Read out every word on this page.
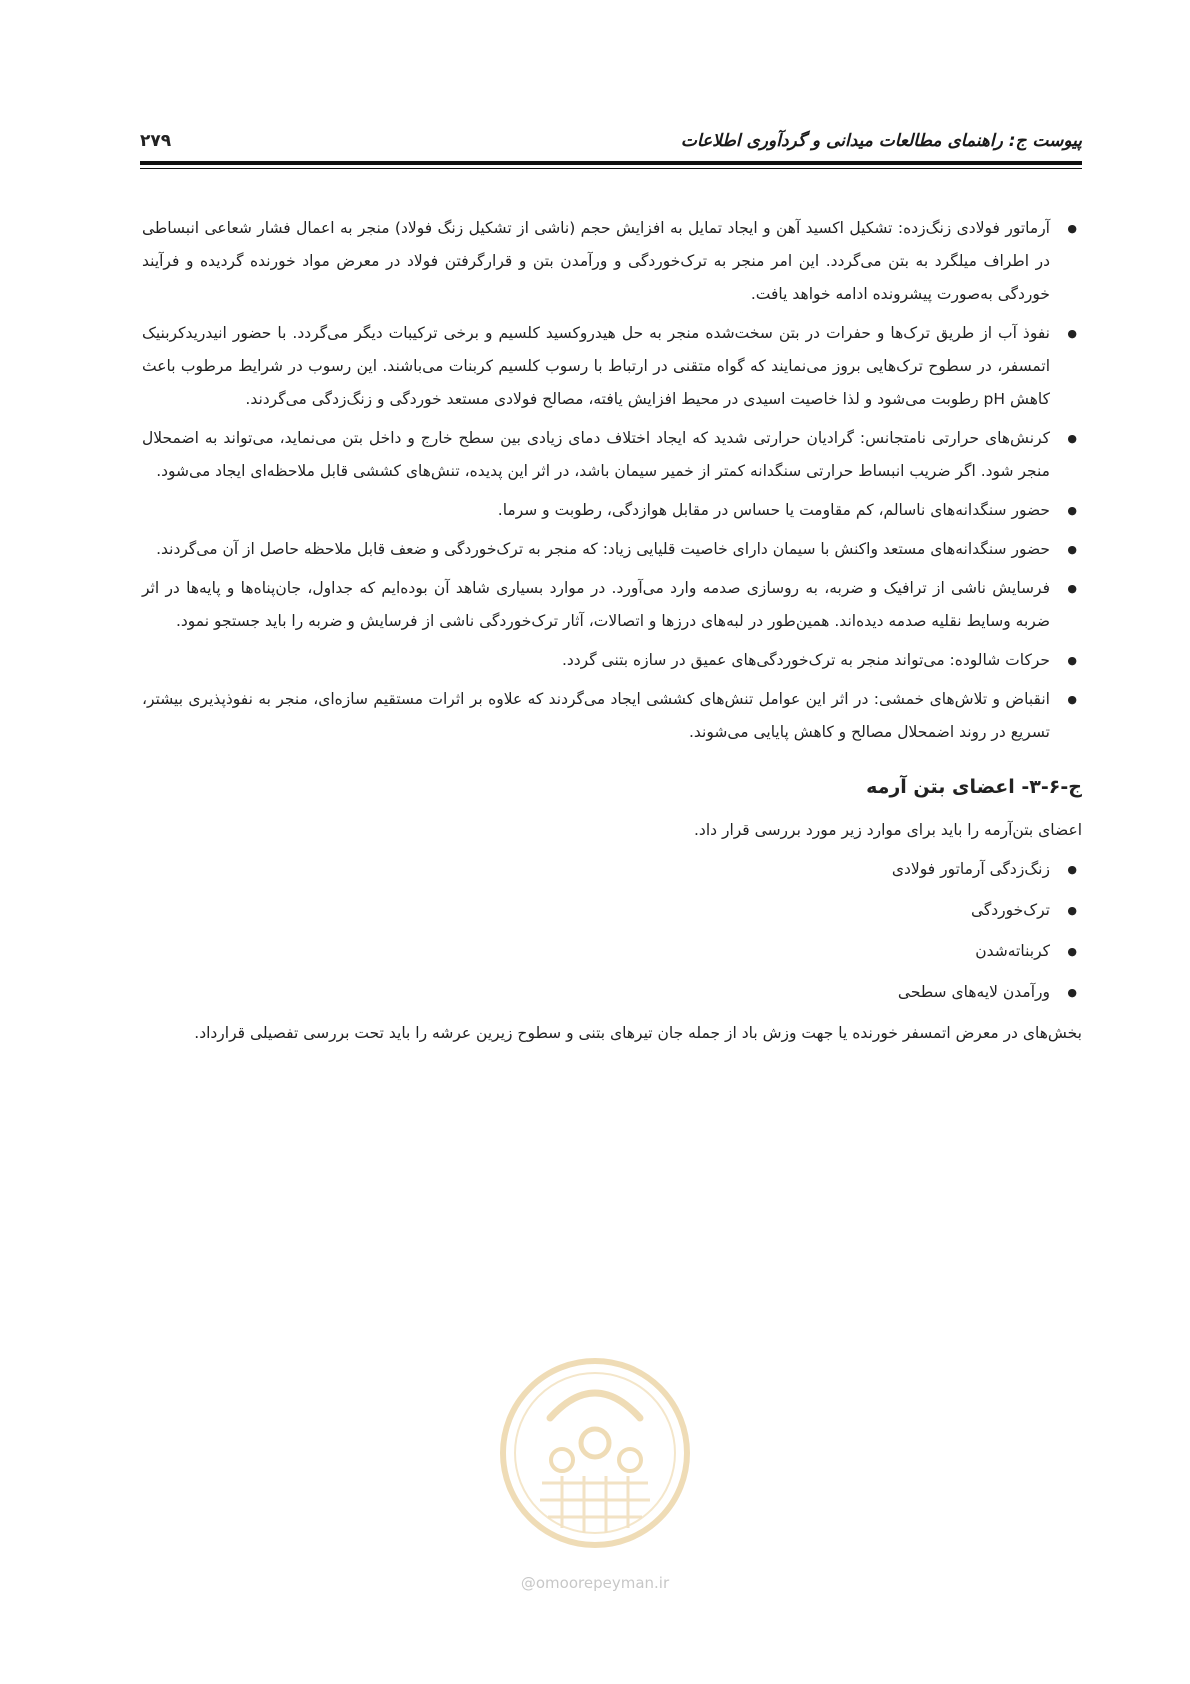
پیوست ج: راهنمای مطالعات میدانی و گردآوری اطلاعات
۲۷۹
● آرماتور فولادی زنگ‌زده: تشکیل اکسید آهن و ایجاد تمایل به افزایش حجم (ناشی از تشکیل زنگ فولاد) منجر به اعمال فشار شعاعی انبساطی در اطراف میلگرد به بتن می‌گردد. این امر منجر به ترک‌خوردگی و ورآمدن بتن و قرارگرفتن فولاد در معرض مواد خورنده گردیده و فرآیند خوردگی به‌صورت پیشرونده ادامه خواهد یافت.
● نفوذ آب از طریق ترک‌ها و حفرات در بتن سخت‌شده منجر به حل هیدروکسید کلسیم و برخی ترکیبات دیگر می‌گردد. با حضور انیدریدکربنیک اتمسفر، در سطوح ترک‌هایی بروز می‌نمایند که گواه متقنی در ارتباط با رسوب کلسیم کربنات می‌باشند. این رسوب در شرایط مرطوب باعث کاهش pH رطوبت می‌شود و لذا خاصیت اسیدی در محیط افزایش یافته، مصالح فولادی مستعد خوردگی و زنگ‌زدگی می‌گردند.
● کرنش‌های حرارتی نامتجانس: گرادیان حرارتی شدید که ایجاد اختلاف دمای زیادی بین سطح خارج و داخل بتن می‌نماید، می‌تواند به اضمحلال منجر شود. اگر ضریب انبساط حرارتی سنگدانه کمتر از خمیر سیمان باشد، در اثر این پدیده، تنش‌های کششی قابل ملاحظه‌ای ایجاد می‌شود.
● حضور سنگدانه‌های ناسالم، کم مقاومت یا حساس در مقابل هوازدگی، رطوبت و سرما.
● حضور سنگدانه‌های مستعد واکنش با سیمان دارای خاصیت قلیایی زیاد: که منجر به ترک‌خوردگی و ضعف قابل ملاحظه حاصل از آن می‌گردند.
● فرسایش ناشی از ترافیک و ضربه، به روسازی صدمه وارد می‌آورد. در موارد بسیاری شاهد آن بوده‌ایم که جداول، جان‌پناه‌ها و پایه‌ها در اثر ضربه وسایط نقلیه صدمه دیده‌اند. همین‌طور در لبه‌های درزها و اتصالات، آثار ترک‌خوردگی ناشی از فرسایش و ضربه را باید جستجو نمود.
● حرکات شالوده: می‌تواند منجر به ترک‌خوردگی‌های عمیق در سازه بتنی گردد.
● انقباض و تلاش‌های خمشی: در اثر این عوامل تنش‌های کششی ایجاد می‌گردند که علاوه بر اثرات مستقیم سازه‌ای، منجر به نفوذپذیری بیشتر، تسریع در روند اضمحلال مصالح و کاهش پایایی می‌شوند.
ج-۶-۳- اعضای بتن آرمه
اعضای بتن‌آرمه را باید برای موارد زیر مورد بررسی قرار داد.
● زنگ‌زدگی آرماتور فولادی
● ترک‌خوردگی
● کربناته‌شدن
● ورآمدن لایه‌های سطحی
بخش‌های در معرض اتمسفر خورنده یا جهت وزش باد از جمله جان تیرهای بتنی و سطوح زیرین عرشه را باید تحت بررسی تفصیلی قرارداد.
@omoorepeyman.ir
